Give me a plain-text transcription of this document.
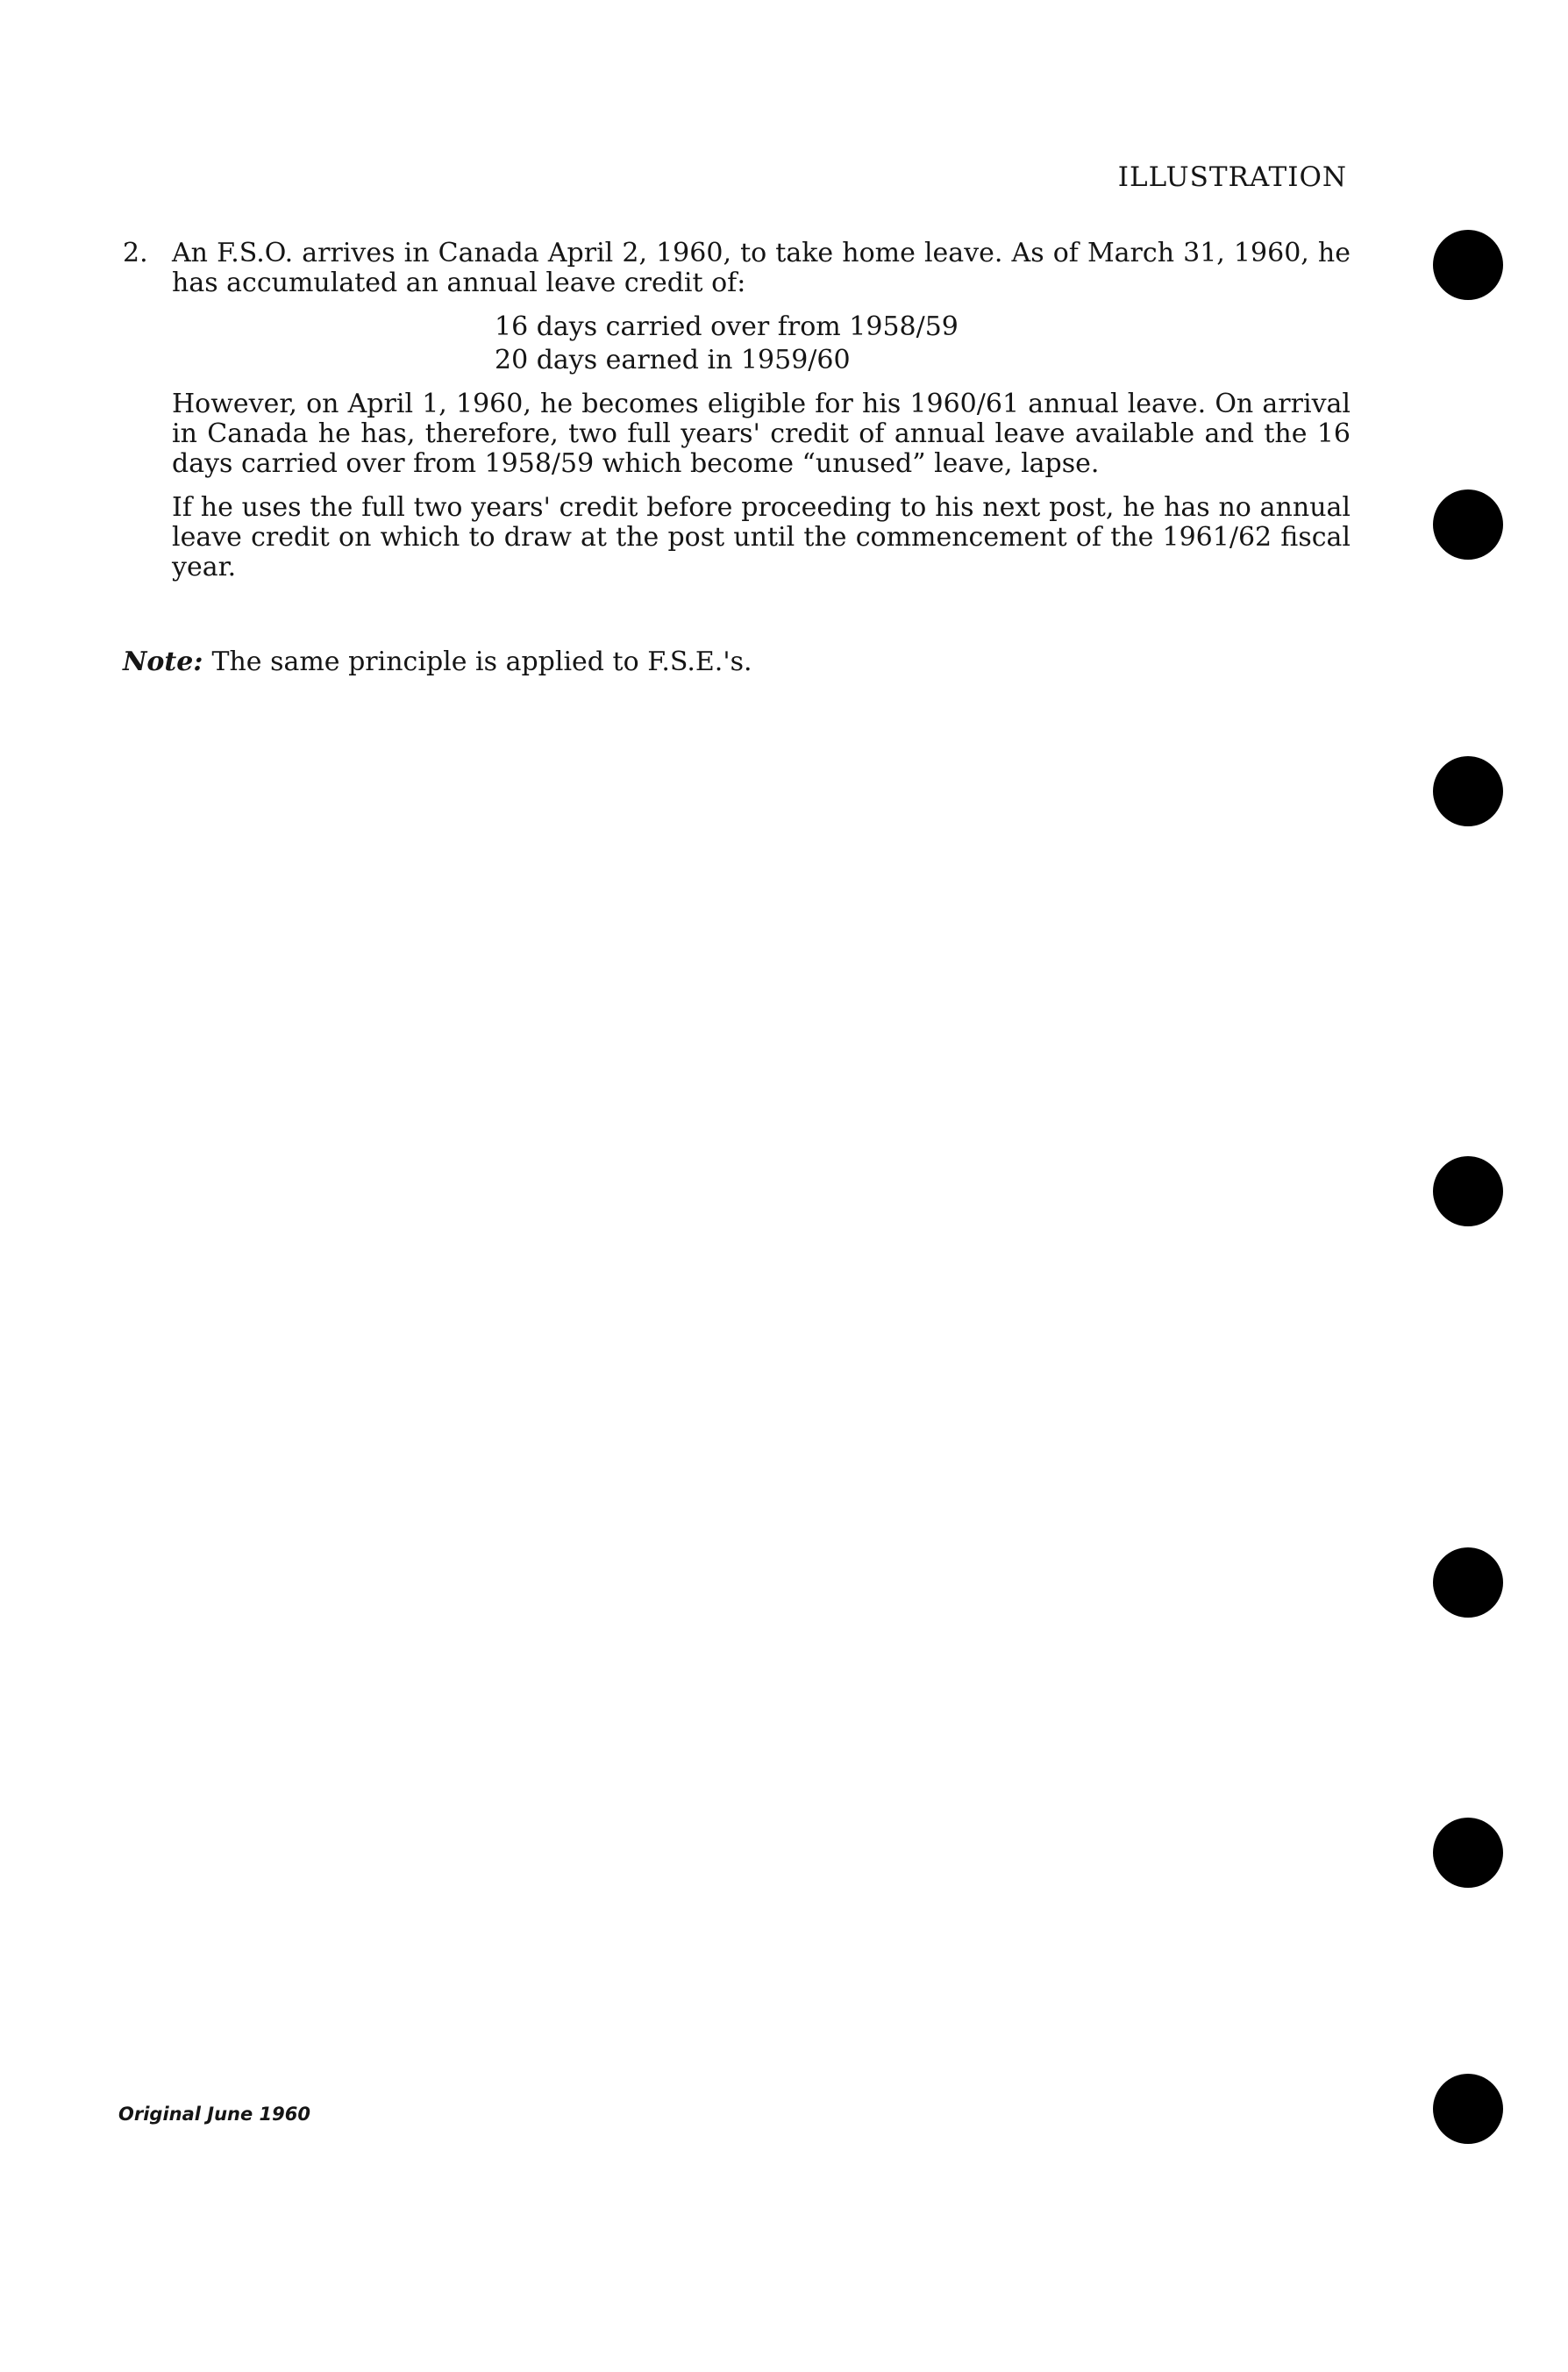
ILLUSTRATION
2. An F.S.O. arrives in Canada April 2, 1960, to take home leave. As of March 31, 1960, he has accumulated an annual leave credit of:

16 days carried over from 1958/59
20 days earned in 1959/60

However, on April 1, 1960, he becomes eligible for his 1960/61 annual leave. On arrival in Canada he has, therefore, two full years' credit of annual leave available and the 16 days carried over from 1958/59 which become “unused” leave, lapse.

If he uses the full two years' credit before proceeding to his next post, he has no annual leave credit on which to draw at the post until the commencement of the 1961/62 fiscal year.

Note: The same principle is applied to F.S.E.'s.
Original June 1960
